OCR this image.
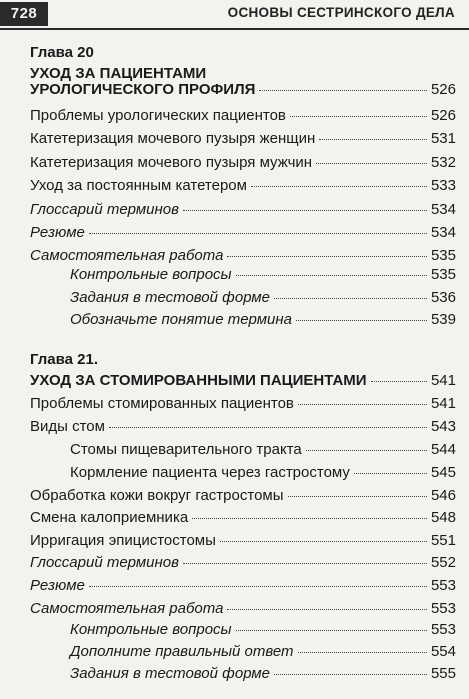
728	ОСНОВЫ СЕСТРИНСКОГО ДЕЛА
Глава 20
УХОД ЗА ПАЦИЕНТАМИ
УРОЛОГИЧЕСКОГО ПРОФИЛЯ	526
Проблемы урологических пациентов	526
Катетеризация мочевого пузыря женщин	531
Катетеризация мочевого пузыря мужчин	532
Уход за постоянным катетером	533
Глоссарий терминов	534
Резюме	534
Самостоятельная работа	535
Контрольные вопросы	535
Задания в тестовой форме	536
Обозначьте понятие термина	539
Глава 21.
УХОД ЗА СТОМИРОВАННЫМИ ПАЦИЕНТАМИ	541
Проблемы стомированных пациентов	541
Виды стом	543
Стомы пищеварительного тракта	544
Кормление пациента через гастростому	545
Обработка кожи вокруг гастростомы	546
Смена калоприемника	548
Ирригация эпицистостомы	551
Глоссарий терминов	552
Резюме	553
Самостоятельная работа	553
Контрольные вопросы	553
Дополните правильный ответ	554
Задания в тестовой форме	555
